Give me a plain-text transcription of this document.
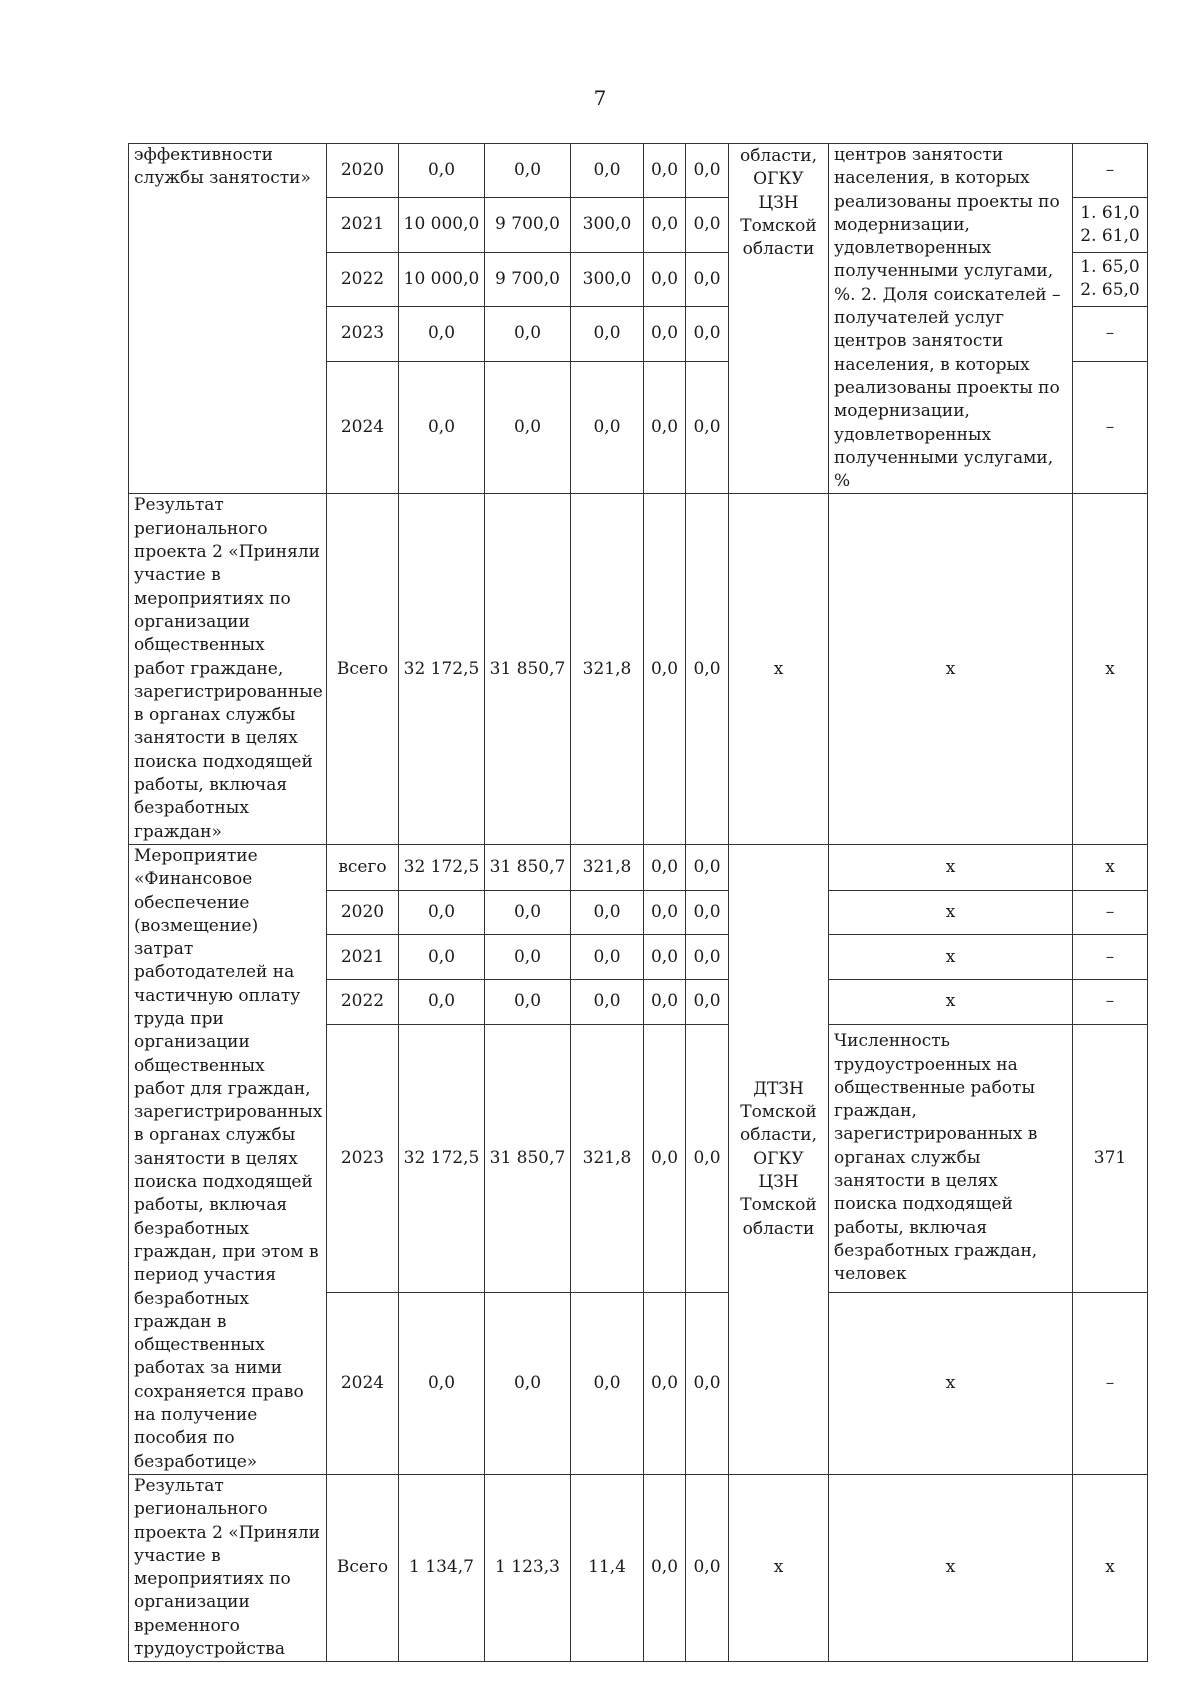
7
эффективности службы занятости»	2020	0,0	0,0	0,0	0,0	0,0	области, ОГКУ ЦЗН Томской области	центров занятости населения, в которых реализованы проекты по модернизации, удовлетворенных полученными услугами, %. 2. Доля соискателей – получателей услуг центров занятости населения, в которых реализованы проекты по модернизации, удовлетворенных полученными услугами, %	–
	2021	10 000,0	9 700,0	300,0	0,0	0,0			1. 61,0 2. 61,0
	2022	10 000,0	9 700,0	300,0	0,0	0,0			1. 65,0 2. 65,0
	2023	0,0	0,0	0,0	0,0	0,0			–
	2024	0,0	0,0	0,0	0,0	0,0			–
Результат регионального проекта 2 «Приняли участие в мероприятиях по организации общественных работ граждане, зарегистрированные в органах службы занятости в целях поиска подходящей работы, включая безработных граждан»	Всего	32 172,5	31 850,7	321,8	0,0	0,0	х	х	х
Мероприятие «Финансовое обеспечение (возмещение) затрат работодателей на частичную оплату труда при организации общественных работ для граждан, зарегистрированных в органах службы занятости в целях поиска подходящей работы, включая безработных граждан, при этом в период участия безработных граждан в общественных работах за ними сохраняется право на получение пособия по безработице»	всего	32 172,5	31 850,7	321,8	0,0	0,0	ДТЗН Томской области, ОГКУ ЦЗН Томской области	х	х
	2020	0,0	0,0	0,0	0,0	0,0		х	–
	2021	0,0	0,0	0,0	0,0	0,0		х	–
	2022	0,0	0,0	0,0	0,0	0,0		х	–
	2023	32 172,5	31 850,7	321,8	0,0	0,0		Численность трудоустроенных на общественные работы граждан, зарегистрированных в органах службы занятости в целях поиска подходящей работы, включая безработных граждан, человек	371
	2024	0,0	0,0	0,0	0,0	0,0		х	–
Результат регионального проекта 2 «Приняли участие в мероприятиях по организации временного трудоустройства	Всего	1 134,7	1 123,3	11,4	0,0	0,0	х	х	х
